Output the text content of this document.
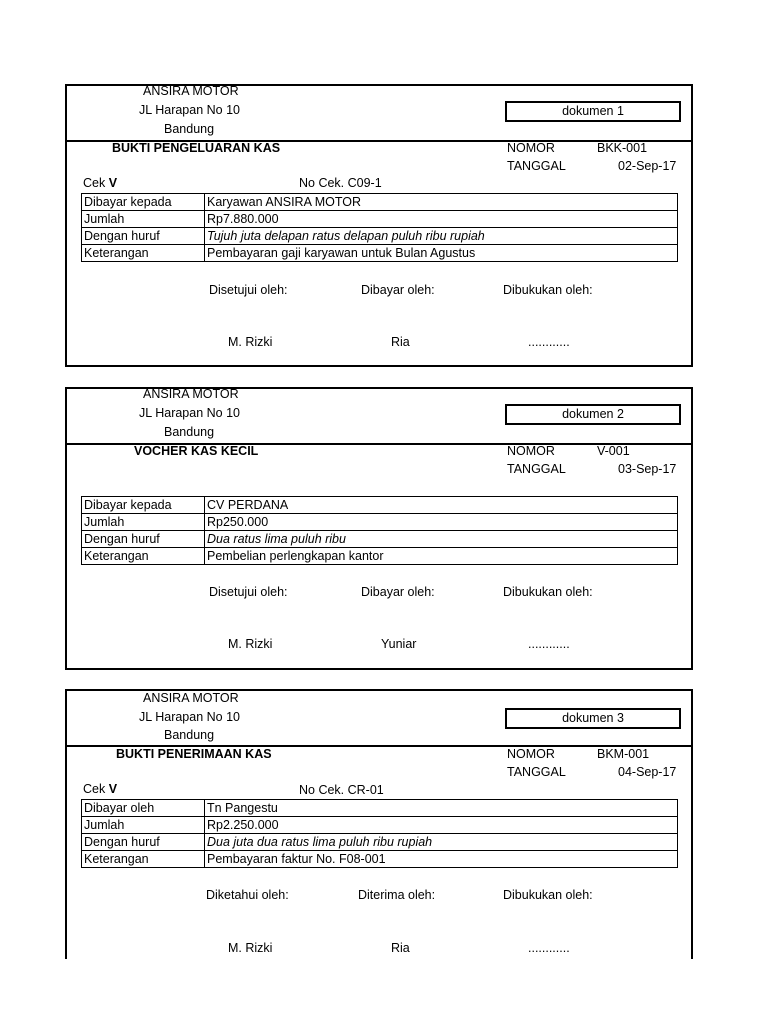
ANSIRA MOTOR
JL Harapan No 10
Bandung
dokumen 1
BUKTI PENGELUARAN KAS	NOMOR	BKK-001
TANGGAL	02-Sep-17
Cek V	No Cek. C09-1
Dibayar kepada	Karyawan ANSIRA MOTOR
Jumlah	Rp7.880.000
Dengan huruf	Tujuh juta delapan ratus delapan puluh ribu rupiah
Keterangan	Pembayaran gaji karyawan untuk Bulan Agustus
Disetujui oleh:	Dibayar oleh:	Dibukukan oleh:
M. Rizki	Ria	............
ANSIRA MOTOR
JL Harapan No 10
Bandung
dokumen 2
VOCHER KAS KECIL	NOMOR	V-001
TANGGAL	03-Sep-17
Dibayar kepada	CV PERDANA
Jumlah	Rp250.000
Dengan huruf	Dua ratus lima puluh ribu
Keterangan	Pembelian perlengkapan kantor
Disetujui oleh:	Dibayar oleh:	Dibukukan oleh:
M. Rizki	Yuniar	............
ANSIRA MOTOR
JL Harapan No 10
Bandung
dokumen 3
BUKTI PENERIMAAN KAS	NOMOR	BKM-001
TANGGAL	04-Sep-17
Cek V	No Cek. CR-01
Dibayar oleh	Tn Pangestu
Jumlah	Rp2.250.000
Dengan huruf	Dua juta dua ratus lima puluh ribu rupiah
Keterangan	Pembayaran faktur No. F08-001
Diketahui oleh:	Diterima oleh:	Dibukukan oleh:
M. Rizki	Ria	............
